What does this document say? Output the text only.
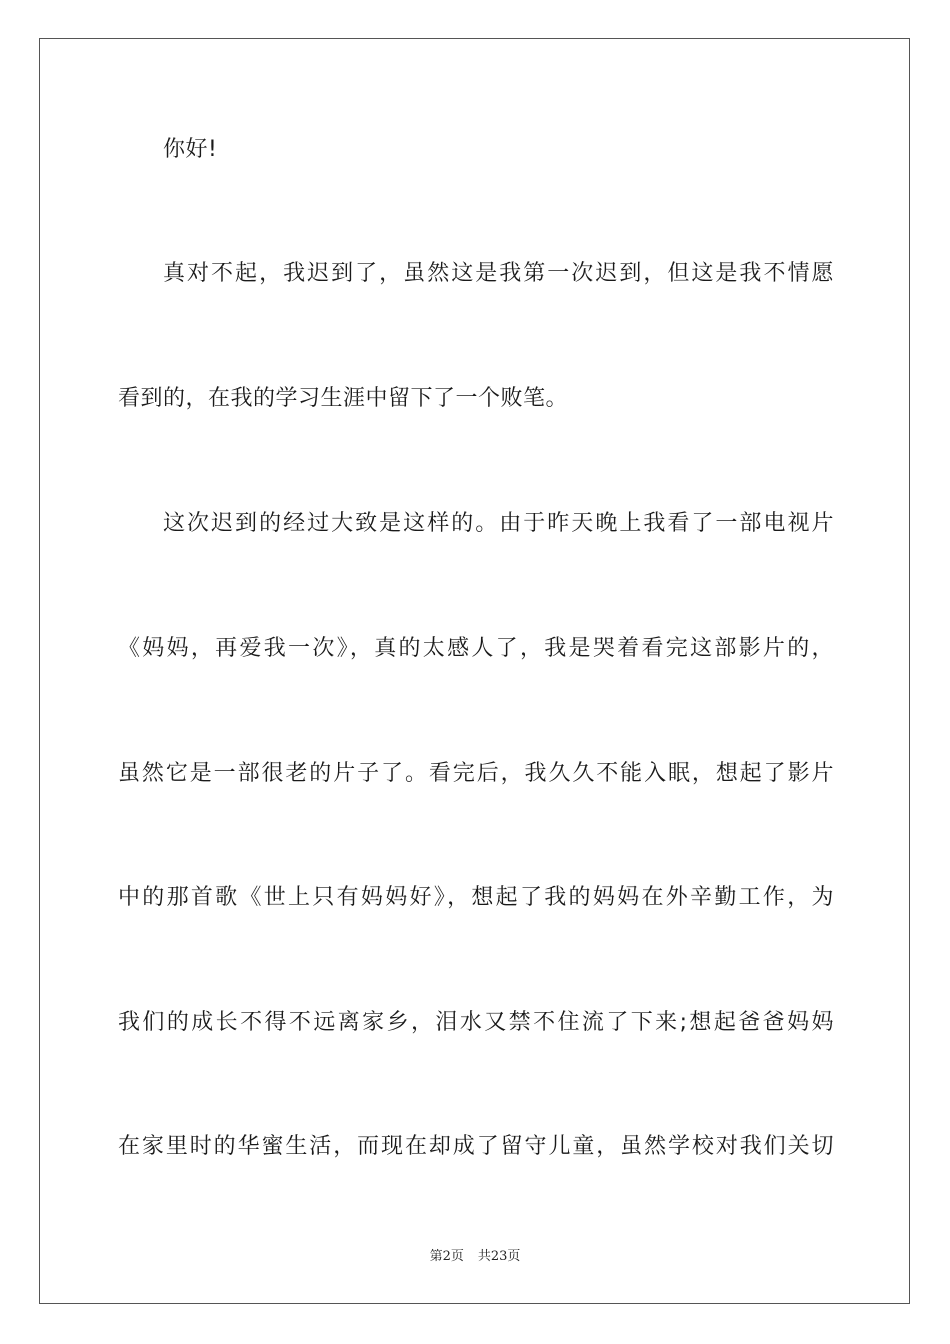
你好!
真对不起，我迟到了，虽然这是我第一次迟到，但这是我不情愿
看到的，在我的学习生涯中留下了一个败笔。
这次迟到的经过大致是这样的。由于昨天晚上我看了一部电视片
《妈妈，再爱我一次》，真的太感人了，我是哭着看完这部影片的，
虽然它是一部很老的片子了。看完后，我久久不能入眠，想起了影片
中的那首歌《世上只有妈妈好》，想起了我的妈妈在外辛勤工作，为
我们的成长不得不远离家乡，泪水又禁不住流了下来;想起爸爸妈妈
在家里时的华蜜生活，而现在却成了留守儿童，虽然学校对我们关切
第2页 共23页
